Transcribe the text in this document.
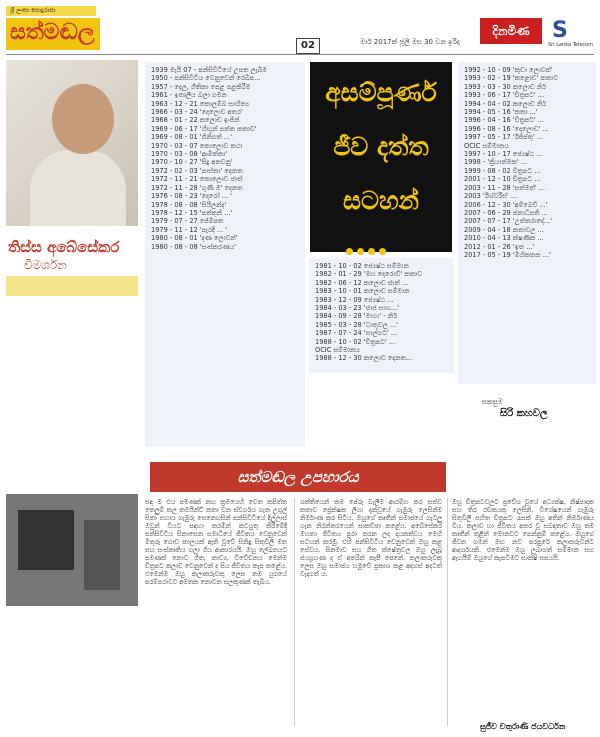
ශ්‍රී ලංකා පොදුරාජා
සත්මඬල
02	මාර් 2017ක් ජූලි මස 30 වන ඉරිදා
දිනමිණ	S
Sri Lanka Telecom
තිස්ස අබේසේකර
විමර්ශන
1939 මැයි 07 - පන්සිවිටියේ උපත ලැබීම
1950 - පන්සිවිටිය වෙනුවෙන් රෙබිප...
1957 - දෙල, ගීතිකා පෙළ පළකිරීම
1961 - ඉතාලිය බලා ගමන
1963 - 12 - 21 කොලම්බ සාහිත්‍ය
1966 - 03 - 24 'දෙලොව අතර'
1968 - 01 - 22 කලොඩ ඉංජින්
1969 - 06 - 17 'හිඟුන් පත්ත කතාව'
1969 - 08 - 01 'ගිනිගත් ...'
1970 - 03 - 07 කොලොඩ කථා
1970 - 03 - 08 'ආමික්කා'
1970 - 10 - 27 'සිදු අනවනු'
1972 - 02 - 03 'පාස්කා' දෙනත
1972 - 11 - 21 කොලොඩ ජාත්
1972 - 11 - 28 'ගුණී ම' දෙනත
1976 - 08 - 23 'දෙරෝ ... '
1978 - 08 - 08 'සියිලන්ද'
1978 - 12 - 15 'පත්තුනි ...'
1979 - 07 - 27 ජේමිපත
1979 - 11 - 12 'පැරදි ... '
1980 - 08 - 01 'දණ ලොවන්'
1980 - 08 - 08 'සංස්කරණය'
අසම්පූර්ණ
ජීව දත්ත
සටහන්
1981 - 10 - 02 ජ්‍යෙෂ්ඨ සම්මාන
1982 - 01 - 29 'මහ දෙරොව්' කතාව
1982 - 06 - 12 කලොඩ ජාත් ...
1983 - 10 - 01 කලොඩ සම්මාන
1983 - 12 - 09 ජ්‍යෙෂ්ඨ ...
1984 - 03 - 23 'ජාජ සාහ...'
1984 - 09 - 28 'මාගා' - නිර්
1985 - 03 - 28 'ධාතුවල ...'
1987 - 07 - 24 'සාල්ගට' ...
1988 - 10 - 02 'චිත්‍රපට' ...
OCIC සම්මානය
1988 - 12 - 30 කලොඩ දෙනත...
1992 - 10 - 09 'කුඩා ලොවක්'
1993 - 02 - 19 'කළොඩ' කතාව
1993 - 03 - 30 කලොඩ නිර්
1993 - 06 - 17 'චිත්‍රපට' ...
1994 - 04 - 02 කලොඩ නිර්
1994 - 05 - 16 'කතා ...'
1996 - 04 - 16 'චිත්‍රපට' ...
1996 - 08 - 16 'දොලොඩ' ...
1997 - 05 - 17 'ඊජිප්තු' ...
OCIC සම්මානය
1997 - 10 - 17 ජ්‍යෙෂ්ඨ ...
1998 - 'ක්‍රියාත්මක' ...
1999 - 08 - 02 චිත්‍රපට ...
2001 - 12 - 10 චිත්‍රපට ...
2003 - 11 - 28 'සත්මත්' ...
2003 'ඊශ්වරීස්' ...
2006 - 12 - 30 'අම්බෙව් ...'
2007 - 06 - 29 ජනාධිපති ...
2007 - 07 - 17 'උත්තරාදේ...'
2009 - 04 - 18 කතාවල ...
2010 - 04 - 13 ක්ෂණික ...
2012 - 01 - 26 'ඉත ...'
2017 - 05 - 19 'මිහිකතක ...'
සකසුම
සිරි කහවල
සත්මඬල උපහාරය
සඳ ම එය පමණක් නඟ ක්‍රමයෙහි වෙත කපිත්ත තෙලුම් කල තමයින්ට් කතා වන ස්වර්ගය ගැන උගුල් සිතා සහාය ගැඹුරු සෙනෙහසින් පන්සිවිටියේ දිල්ලාස් ඔවුන් වියට සඳහා කරමින් කටයුතු කිරීමේදී පන්සිවිටිය සිනාසෙන සමාධියේ ජීවිතය වෙනුවෙන් මිතුරු ගොඩ කාලයක් ඇති වූවේ සිනිඳු සිතුවිලි මත සහ සංස්කෘතිය ගලා ගිය ආකාරයයි. ඔහු ලේඛනයට පමණක් නොව ගීත, කාව්‍ය, විවේචනය මෙන්ම චිත්‍රපට කලාව වෙනුවෙන් ද සිය ජීවිතය කැප කළේය. එමෙන්ම ඔහු කලාකරුවකු ලෙස තම යුගයේ පරම්පරාවට අමතක නොවන සලකුණක් තැබීය.
ශක්තියෙන් කම පේරු බැලීම ආරම්භ කර සත්ව කතාව ප්‍රේක්ෂක ලියා දැක්වූයේ ගැඹුරු ලෙසින්ම නිර්මාණ කර සිටීය. ඔහුගේ කෘතීන් සමාජයේ ගැටලු ගැන නිරන්තරයෙන් සාකච්ඡා කළේය. අබේසේකර මහතා ජීවිතය පුරා කරන ලද දායකත්වය මෙහි සටහන් කරමු. එහි පන්සිවිටිය වෙනුවෙන් ඔහු කළ සේවය, සිනමාව සහ ගීත ක්ෂේත්‍රවල ඔහු ලැබූ ජයග්‍රහණ ද ඒ අතරින් කැපී පෙනේ. කලාකරුවකු ලෙස ඔහු සමාජය හමුවේ ප්‍රකාශ කළ අදහස් අදටත් වැදගත් ය.
ඔහු චිත්‍රපටවලට ප්‍රවේශ වූයේ අධ්‍යක්ෂ, නිෂ්පාදක සහ තිර රචකයකු ලෙසිනි. විශේෂයෙන් ගැඹුරු සිතුවිලි සහිත චිත්‍රපට රැසක් ඔහු අතින් නිර්මාණය විය. කලාව හා ජීවිතය අතර වූ සබඳතාව ඔහු තම කෘතීන් තුළින් මොනවට පෙන්නුම් කළේය. ඔහුගේ ජීවන ගමන් මඟ නව පරපුරේ කලාකරුවන්ට ආදර්ශයකි. එමෙන්ම ඔහු ලබාගත් සම්මාන සහ ඇගයීම් ඔහුගේ කැපවීමට සාක්ෂි සපයයි.
සුජීව චතුරාණි ජයවර්ධන
